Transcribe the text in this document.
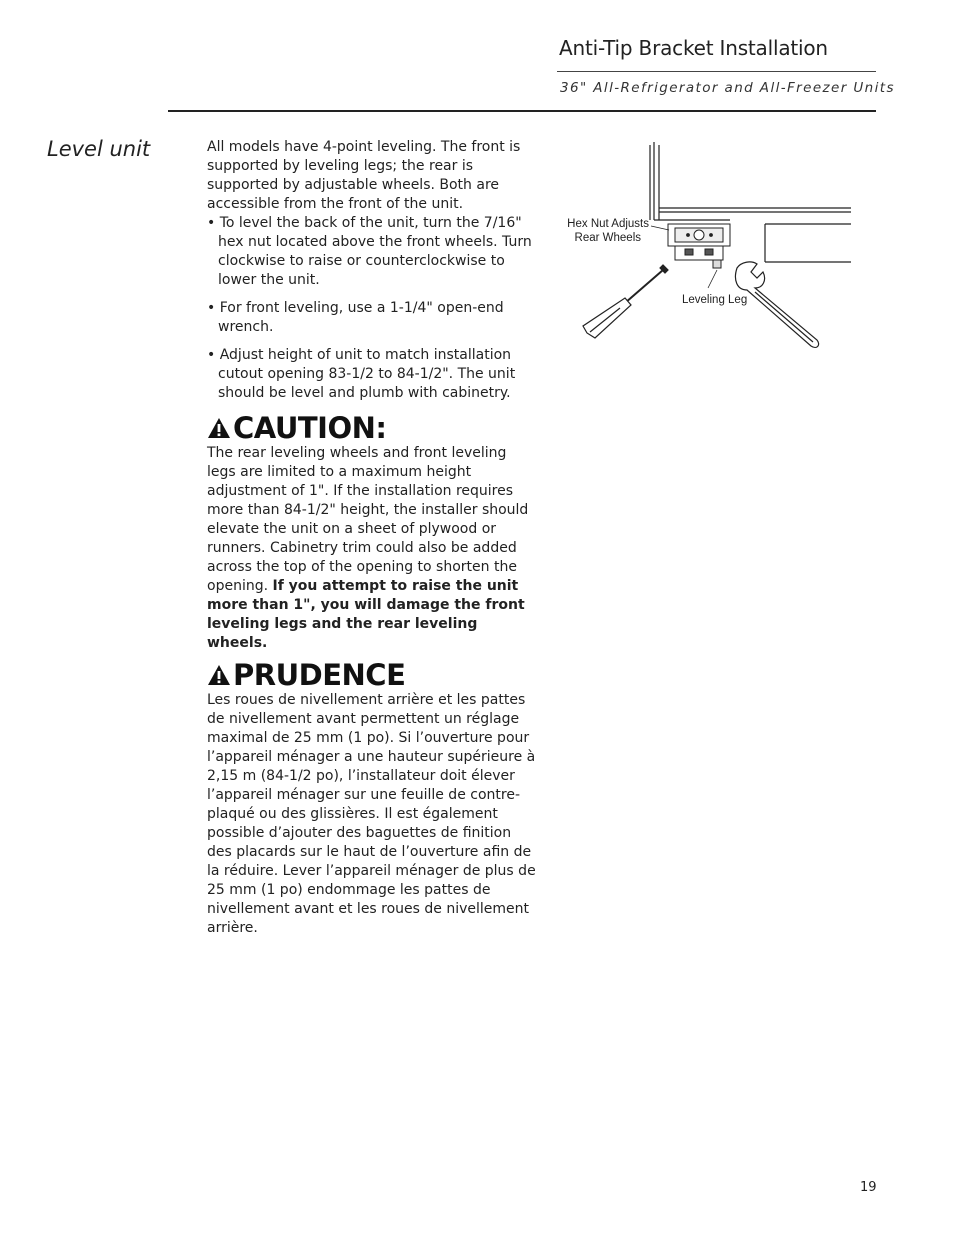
Anti-Tip Bracket Installation
36" All-Refrigerator and All-Freezer Units
Level unit	All models have 4-point leveling. The front is supported by leveling legs; the rear is supported by adjustable wheels. Both are accessible from the front of the unit.

• To level the back of the unit, turn the 7/16" hex nut located above the front wheels. Turn clockwise to raise or counterclockwise to lower the unit.

• For front leveling, use a 1-1/4" open-end wrench.

• Adjust height of unit to match installation cutout opening 83-1/2 to 84-1/2". The unit should be level and plumb with cabinetry.

CAUTION:

The rear leveling wheels and front leveling legs are limited to a maximum height adjustment of 1". If the installation requires more than 84-1/2" height, the installer should elevate the unit on a sheet of plywood or runners. Cabinetry trim could also be added across the top of the opening to shorten the opening. If you attempt to raise the unit more than 1", you will damage the front leveling legs and the rear leveling wheels.

PRUDENCE

Les roues de nivellement arrière et les pattes de nivellement avant permettent un réglage maximal de 25 mm (1 po). Si l’ouverture pour l’appareil ménager a une hauteur supérieure à 2,15 m (84-1/2 po), l’installateur doit élever l’appareil ménager sur une feuille de contre-plaqué ou des glissières. Il est également possible d’ajouter des baguettes de finition des placards sur le haut de l’ouverture afin de la réduire. Lever l’appareil ménager de plus de 25 mm (1 po) endommage les pattes de nivellement avant et les roues de nivellement arrière.

Hex Nut Adjusts
Rear Wheels
Leveling Leg
19
